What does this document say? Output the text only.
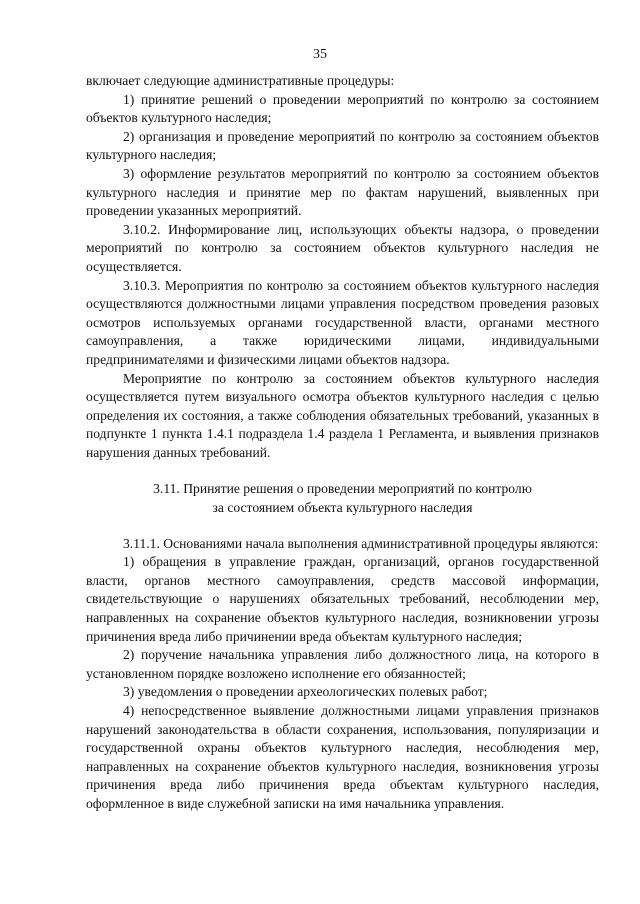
35

включает следующие административные процедуры:

1) принятие решений о проведении мероприятий по контролю за состоянием объектов культурного наследия;

2) организация и проведение мероприятий по контролю за состоянием объектов культурного наследия;

3) оформление результатов мероприятий по контролю за состоянием объектов культурного наследия и принятие мер по фактам нарушений, выявленных при проведении указанных мероприятий.

3.10.2. Информирование лиц, использующих объекты надзора, о проведении мероприятий по контролю за состоянием объектов культурного наследия не осуществляется.

3.10.3. Мероприятия по контролю за состоянием объектов культурного наследия осуществляются должностными лицами управления посредством проведения разовых осмотров используемых органами государственной власти, органами местного самоуправления, а также юридическими лицами, индивидуальными предпринимателями и физическими лицами объектов надзора.

Мероприятие по контролю за состоянием объектов культурного наследия осуществляется путем визуального осмотра объектов культурного наследия с целью определения их состояния, а также соблюдения обязательных требований, указанных в подпункте 1 пункта 1.4.1 подраздела 1.4 раздела 1 Регламента, и выявления признаков нарушения данных требований.

3.11. Принятие решения о проведении мероприятий по контролю
за состоянием объекта культурного наследия

3.11.1. Основаниями начала выполнения административной процедуры являются:

1) обращения в управление граждан, организаций, органов государственной власти, органов местного самоуправления, средств массовой информации, свидетельствующие о нарушениях обязательных требований, несоблюдении мер, направленных на сохранение объектов культурного наследия, возникновении угрозы причинения вреда либо причинении вреда объектам культурного наследия;

2) поручение начальника управления либо должностного лица, на которого в установленном порядке возложено исполнение его обязанностей;

3) уведомления о проведении археологических полевых работ;

4) непосредственное выявление должностными лицами управления признаков нарушений законодательства в области сохранения, использования, популяризации и государственной охраны объектов культурного наследия, несоблюдения мер, направленных на сохранение объектов культурного наследия, возникновения угрозы причинения вреда либо причинения вреда объектам культурного наследия, оформленное в виде служебной записки на имя начальника управления.
